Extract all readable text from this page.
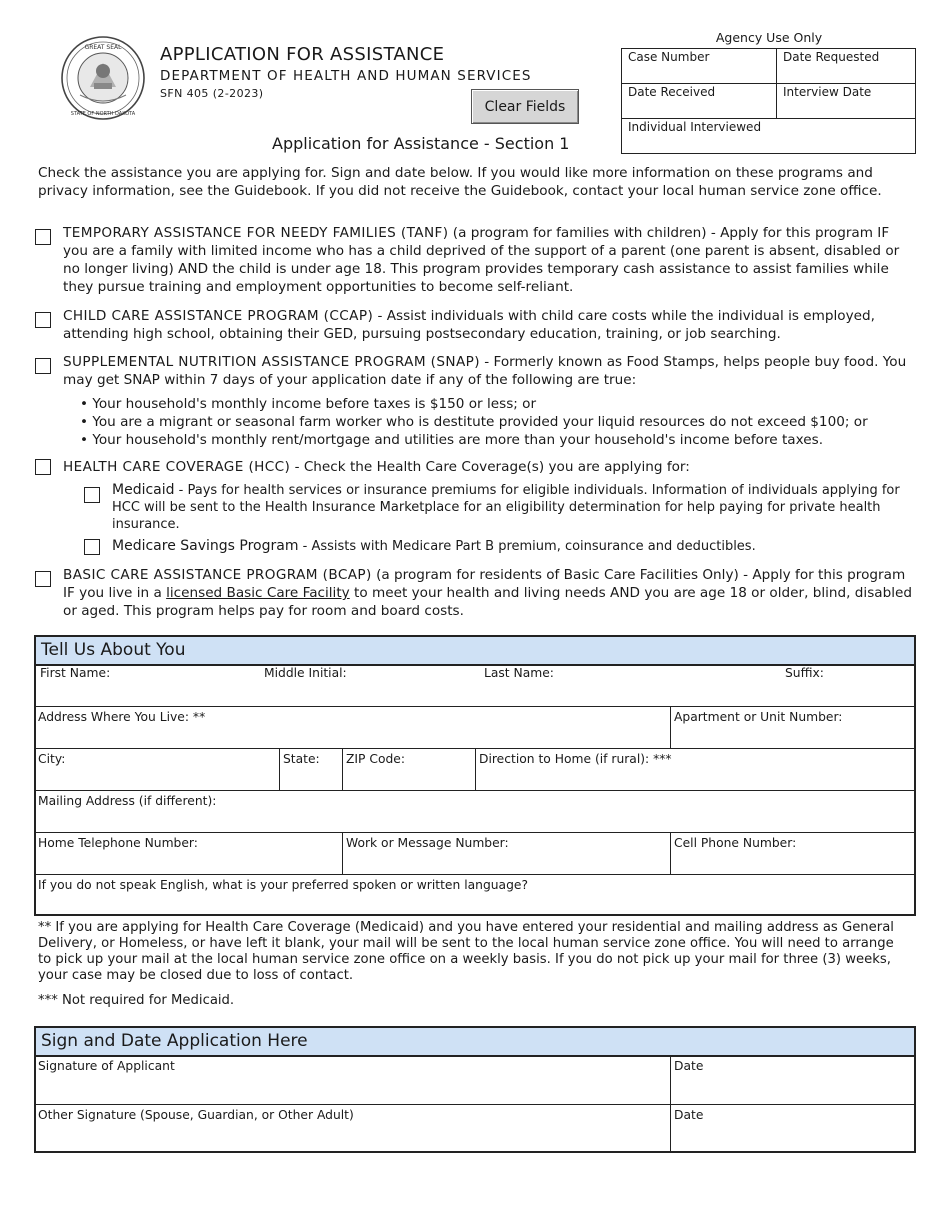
GREAT SEAL
STATE OF NORTH DAKOTA
APPLICATION FOR ASSISTANCE
DEPARTMENT OF HEALTH AND HUMAN SERVICES
SFN 405 (2-2023)
Clear Fields
Agency Use Only
Case Number	Date Requested
Date Received	Interview Date
Individual Interviewed
Application for Assistance - Section 1
Check the assistance you are applying for. Sign and date below. If you would like more information on these programs and privacy information, see the Guidebook. If you did not receive the Guidebook, contact your local human service zone office.
TEMPORARY ASSISTANCE FOR NEEDY FAMILIES (TANF) (a program for families with children) - Apply for this program IF you are a family with limited income who has a child deprived of the support of a parent (one parent is absent, disabled or no longer living) AND the child is under age 18. This program provides temporary cash assistance to assist families while they pursue training and employment opportunities to become self-reliant.
CHILD CARE ASSISTANCE PROGRAM (CCAP) - Assist individuals with child care costs while the individual is employed, attending high school, obtaining their GED, pursuing postsecondary education, training, or job searching.
SUPPLEMENTAL NUTRITION ASSISTANCE PROGRAM (SNAP) - Formerly known as Food Stamps, helps people buy food. You may get SNAP within 7 days of your application date if any of the following are true:
• Your household's monthly income before taxes is $150 or less; or
• You are a migrant or seasonal farm worker who is destitute provided your liquid resources do not exceed $100; or
• Your household's monthly rent/mortgage and utilities are more than your household's income before taxes.
HEALTH CARE COVERAGE (HCC) - Check the Health Care Coverage(s) you are applying for:
Medicaid - Pays for health services or insurance premiums for eligible individuals. Information of individuals applying for HCC will be sent to the Health Insurance Marketplace for an eligibility determination for help paying for private health insurance.
Medicare Savings Program - Assists with Medicare Part B premium, coinsurance and deductibles.
BASIC CARE ASSISTANCE PROGRAM (BCAP) (a program for residents of Basic Care Facilities Only) - Apply for this program IF you live in a licensed Basic Care Facility to meet your health and living needs AND you are age 18 or older, blind, disabled or aged. This program helps pay for room and board costs.
Tell Us About You
First Name:	Middle Initial:	Last Name:	Suffix:
Address Where You Live: **	Apartment or Unit Number:
City:	State: ZIP Code:	Direction to Home (if rural): ***
Mailing Address (if different):
Home Telephone Number:	Work or Message Number:	Cell Phone Number:
If you do not speak English, what is your preferred spoken or written language?
** If you are applying for Health Care Coverage (Medicaid) and you have entered your residential and mailing address as General Delivery, or Homeless, or have left it blank, your mail will be sent to the local human service zone office. You will need to arrange to pick up your mail at the local human service zone office on a weekly basis. If you do not pick up your mail for three (3) weeks, your case may be closed due to loss of contact.
*** Not required for Medicaid.
Sign and Date Application Here
Signature of Applicant	Date
Other Signature (Spouse, Guardian, or Other Adult)	Date
